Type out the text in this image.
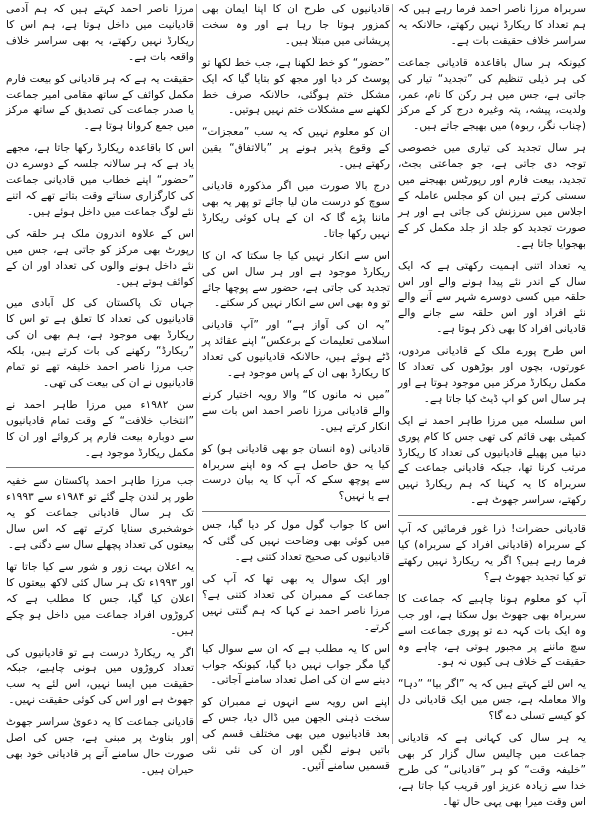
سربراہ مرزا ناصر احمد فرما رہے ہیں کہ ہم تعداد کا ریکارڈ نہیں رکھتے، حالانکہ یہ سراسر خلاف حقیقت بات ہے۔

کیونکہ ہر سال باقاعدہ قادیانی جماعت کی ہر ذیلی تنظیم کی ”تجدید“ تیار کی جاتی ہے، جس میں ہر رکن کا نام، عمر، ولدیت، پیشہ، پتہ وغیرہ درج کر کے مرکز (چناب نگر، ربوہ) میں بھیجے جاتے ہیں۔

ہر سال تجدید کی تیاری میں خصوصی توجہ دی جاتی ہے، جو جماعتی بجٹ، تجدید، بیعت فارم اور رپورٹس بھیجنے میں سستی کرتے ہیں ان کو مجلس عاملہ کے اجلاس میں سرزنش کی جاتی ہے اور ہر صورت تجدید کو جلد از جلد مکمل کر کے بھجوایا جاتا ہے۔

یہ تعداد اتنی اہمیت رکھتی ہے کہ ایک سال کے اندر نئے پیدا ہونے والے اور اس حلقہ میں کسی دوسرے شہر سے آنے والے نئے افراد اور اس حلقہ سے جانے والے قادیانی افراد کا بھی ذکر ہوتا ہے۔

اس طرح پورے ملک کے قادیانی مردوں، عورتوں، بچوں اور بوڑھوں کی تعداد کا مکمل ریکارڈ مرکز میں موجود ہوتا ہے اور ہر سال اس کو اپ ڈیٹ کیا جاتا ہے۔

اس سلسلہ میں مرزا طاہر احمد نے ایک کمیٹی بھی قائم کی تھی جس کا کام پوری دنیا میں پھیلے قادیانیوں کی تعداد کا ریکارڈ مرتب کرنا تھا، جبکہ قادیانی جماعت کے سربراہ کا یہ کہنا کہ ہم ریکارڈ نہیں رکھتے، سراسر جھوٹ ہے۔

قادیانی حضرات! ذرا غور فرمائیں کہ آپ کے سربراہ (قادیانی افراد کے سربراہ) کیا فرما رہے ہیں؟ اگر یہ ریکارڈ نہیں رکھتے تو کیا تجدید جھوٹ ہے؟

آپ کو معلوم ہونا چاہیے کہ جماعت کا سربراہ بھی جھوٹ بول سکتا ہے، اور جب وہ ایک بات کہہ دے تو پوری جماعت اسے سچ ماننے پر مجبور ہوتی ہے، چاہے وہ حقیقت کے خلاف ہی کیوں نہ ہو۔

یہ اس لئے کہتے ہیں کہ یہ ”اگر بیا“ ”دہا“ والا معاملہ ہے، جس میں ایک قادیانی دل کو کیسے تسلی دے گا؟

یہ ہر سال کی کہانی ہے کہ قادیانی جماعت میں چالیس سال گزار کر بھی ”خلیفہ وقت“ کو ہر ”قادیانی“ کی طرح خدا سے زیادہ عزیز اور قریب کیا جاتا ہے، اس وقت میرا بھی یہی حال تھا۔

قادیانیوں کی طرح ان کا اپنا ایمان بھی کمزور ہوتا جا رہا ہے اور وہ سخت پریشانی میں مبتلا ہیں۔

”حضور“ کو خط لکھنا ہے، جب خط لکھا تو پوسٹ کر دیا اور مجھ کو بتایا گیا کہ ایک مشکل ختم ہوگئی، حالانکہ صرف خط لکھنے سے مشکلات ختم نہیں ہوتیں۔

ان کو معلوم نہیں کہ یہ سب ”معجزات“ کے وقوع پذیر ہونے پر ”بالاتفاق“ یقین رکھتے ہیں۔

درج بالا صورت میں اگر مذکورہ قادیانی سوچ کو درست مان لیا جائے تو پھر یہ بھی ماننا پڑے گا کہ ان کے ہاں کوئی ریکارڈ نہیں رکھا جاتا۔

اس سے انکار نہیں کیا جا سکتا کہ ان کا ریکارڈ موجود ہے اور ہر سال اس کی تجدید کی جاتی ہے، حضور سے پوچھا جائے تو وہ بھی اس سے انکار نہیں کر سکتے۔

”یہ ان کی آواز ہے“ اور ”آپ قادیانی اسلامی تعلیمات کے برعکس“ اپنے عقائد پر ڈٹے ہوئے ہیں، حالانکہ قادیانیوں کی تعداد کا ریکارڈ بھی ان کے پاس موجود ہے۔

”میں نہ مانوں کا“ والا رویہ اختیار کرنے والے قادیانی مرزا ناصر احمد اس بات سے انکار کرتے ہیں۔

قادیانی (وہ انسان جو بھی قادیانی ہو) کو کیا یہ حق حاصل ہے کہ وہ اپنے سربراہ سے پوچھ سکے کہ آپ کا یہ بیان درست ہے یا نہیں؟

اس کا جواب گول مول کر دیا گیا، جس میں کوئی بھی وضاحت نہیں کی گئی کہ قادیانیوں کی صحیح تعداد کتنی ہے۔

اور ایک سوال یہ بھی تھا کہ آپ کی جماعت کے ممبران کی تعداد کتنی ہے؟ مرزا ناصر احمد نے کہا کہ ہم گنتی نہیں کرتے۔

اس کا یہ مطلب ہے کہ ان سے سوال کیا گیا مگر جواب نہیں دیا گیا، کیونکہ جواب دینے سے ان کی اصل تعداد سامنے آجاتی۔

اپنے اس رویہ سے انہوں نے ممبران کو سخت ذہنی الجھن میں ڈال دیا، جس کے بعد قادیانیوں میں بھی مختلف قسم کی باتیں ہونے لگیں اور ان کی نئی نئی قسمیں سامنے آئیں۔

مرزا ناصر احمد کہتے ہیں کہ ہم آدمی قادیانیت میں داخل ہوتا ہے، ہم اس کا ریکارڈ نہیں رکھتے، یہ بھی سراسر خلاف واقعہ بات ہے۔

حقیقت یہ ہے کہ ہر قادیانی کو بیعت فارم مکمل کوائف کے ساتھ مقامی امیر جماعت یا صدر جماعت کی تصدیق کے ساتھ مرکز میں جمع کروانا ہوتا ہے۔

اس کا باقاعدہ ریکارڈ رکھا جاتا ہے، مجھے یاد ہے کہ ہر سالانہ جلسہ کے دوسرے دن ”حضور“ اپنے خطاب میں قادیانی جماعت کی کارگزاری سناتے وقت بتاتے تھے کہ اتنے نئے لوگ جماعت میں داخل ہوئے ہیں۔

اس کے علاوہ اندرون ملک ہر حلقہ کی رپورٹ بھی مرکز کو جاتی ہے، جس میں نئے داخل ہونے والوں کی تعداد اور ان کے کوائف ہوتے ہیں۔

جہاں تک پاکستان کی کل آبادی میں قادیانیوں کی تعداد کا تعلق ہے تو اس کا ریکارڈ بھی موجود ہے، ہم بھی ان کی ”ریکارڈ“ رکھنے کی بات کرتے ہیں، بلکہ جب مرزا ناصر احمد خلیفہ تھے تو تمام قادیانیوں نے ان کی بیعت کی تھی۔

سن ۱۹۸۲ء میں مرزا طاہر احمد نے ”انتخاب خلافت“ کے وقت تمام قادیانیوں سے دوبارہ بیعت فارم پر کروائے اور ان کا مکمل ریکارڈ موجود ہے۔

جب مرزا طاہر احمد پاکستان سے خفیہ طور پر لندن چلے گئے تو ۱۹۸۴ء سے ۱۹۹۳ء تک ہر سال قادیانی جماعت کو یہ خوشخبری سنایا کرتے تھے کہ اس سال بیعتوں کی تعداد پچھلے سال سے دگنی ہے۔

یہ اعلان بہت زور و شور سے کیا جاتا تھا اور ۱۹۹۳ء تک ہر سال کئی لاکھ بیعتوں کا اعلان کیا گیا، جس کا مطلب ہے کہ کروڑوں افراد جماعت میں داخل ہو چکے ہیں۔

اگر یہ ریکارڈ درست ہے تو قادیانیوں کی تعداد کروڑوں میں ہونی چاہیے، جبکہ حقیقت میں ایسا نہیں، اس لئے یہ سب جھوٹ ہے اور اس کی کوئی حقیقت نہیں۔

قادیانی جماعت کا یہ دعویٰ سراسر جھوٹ اور بناوٹ پر مبنی ہے، جس کی اصل صورت حال سامنے آنے پر قادیانی خود بھی حیران ہیں۔
